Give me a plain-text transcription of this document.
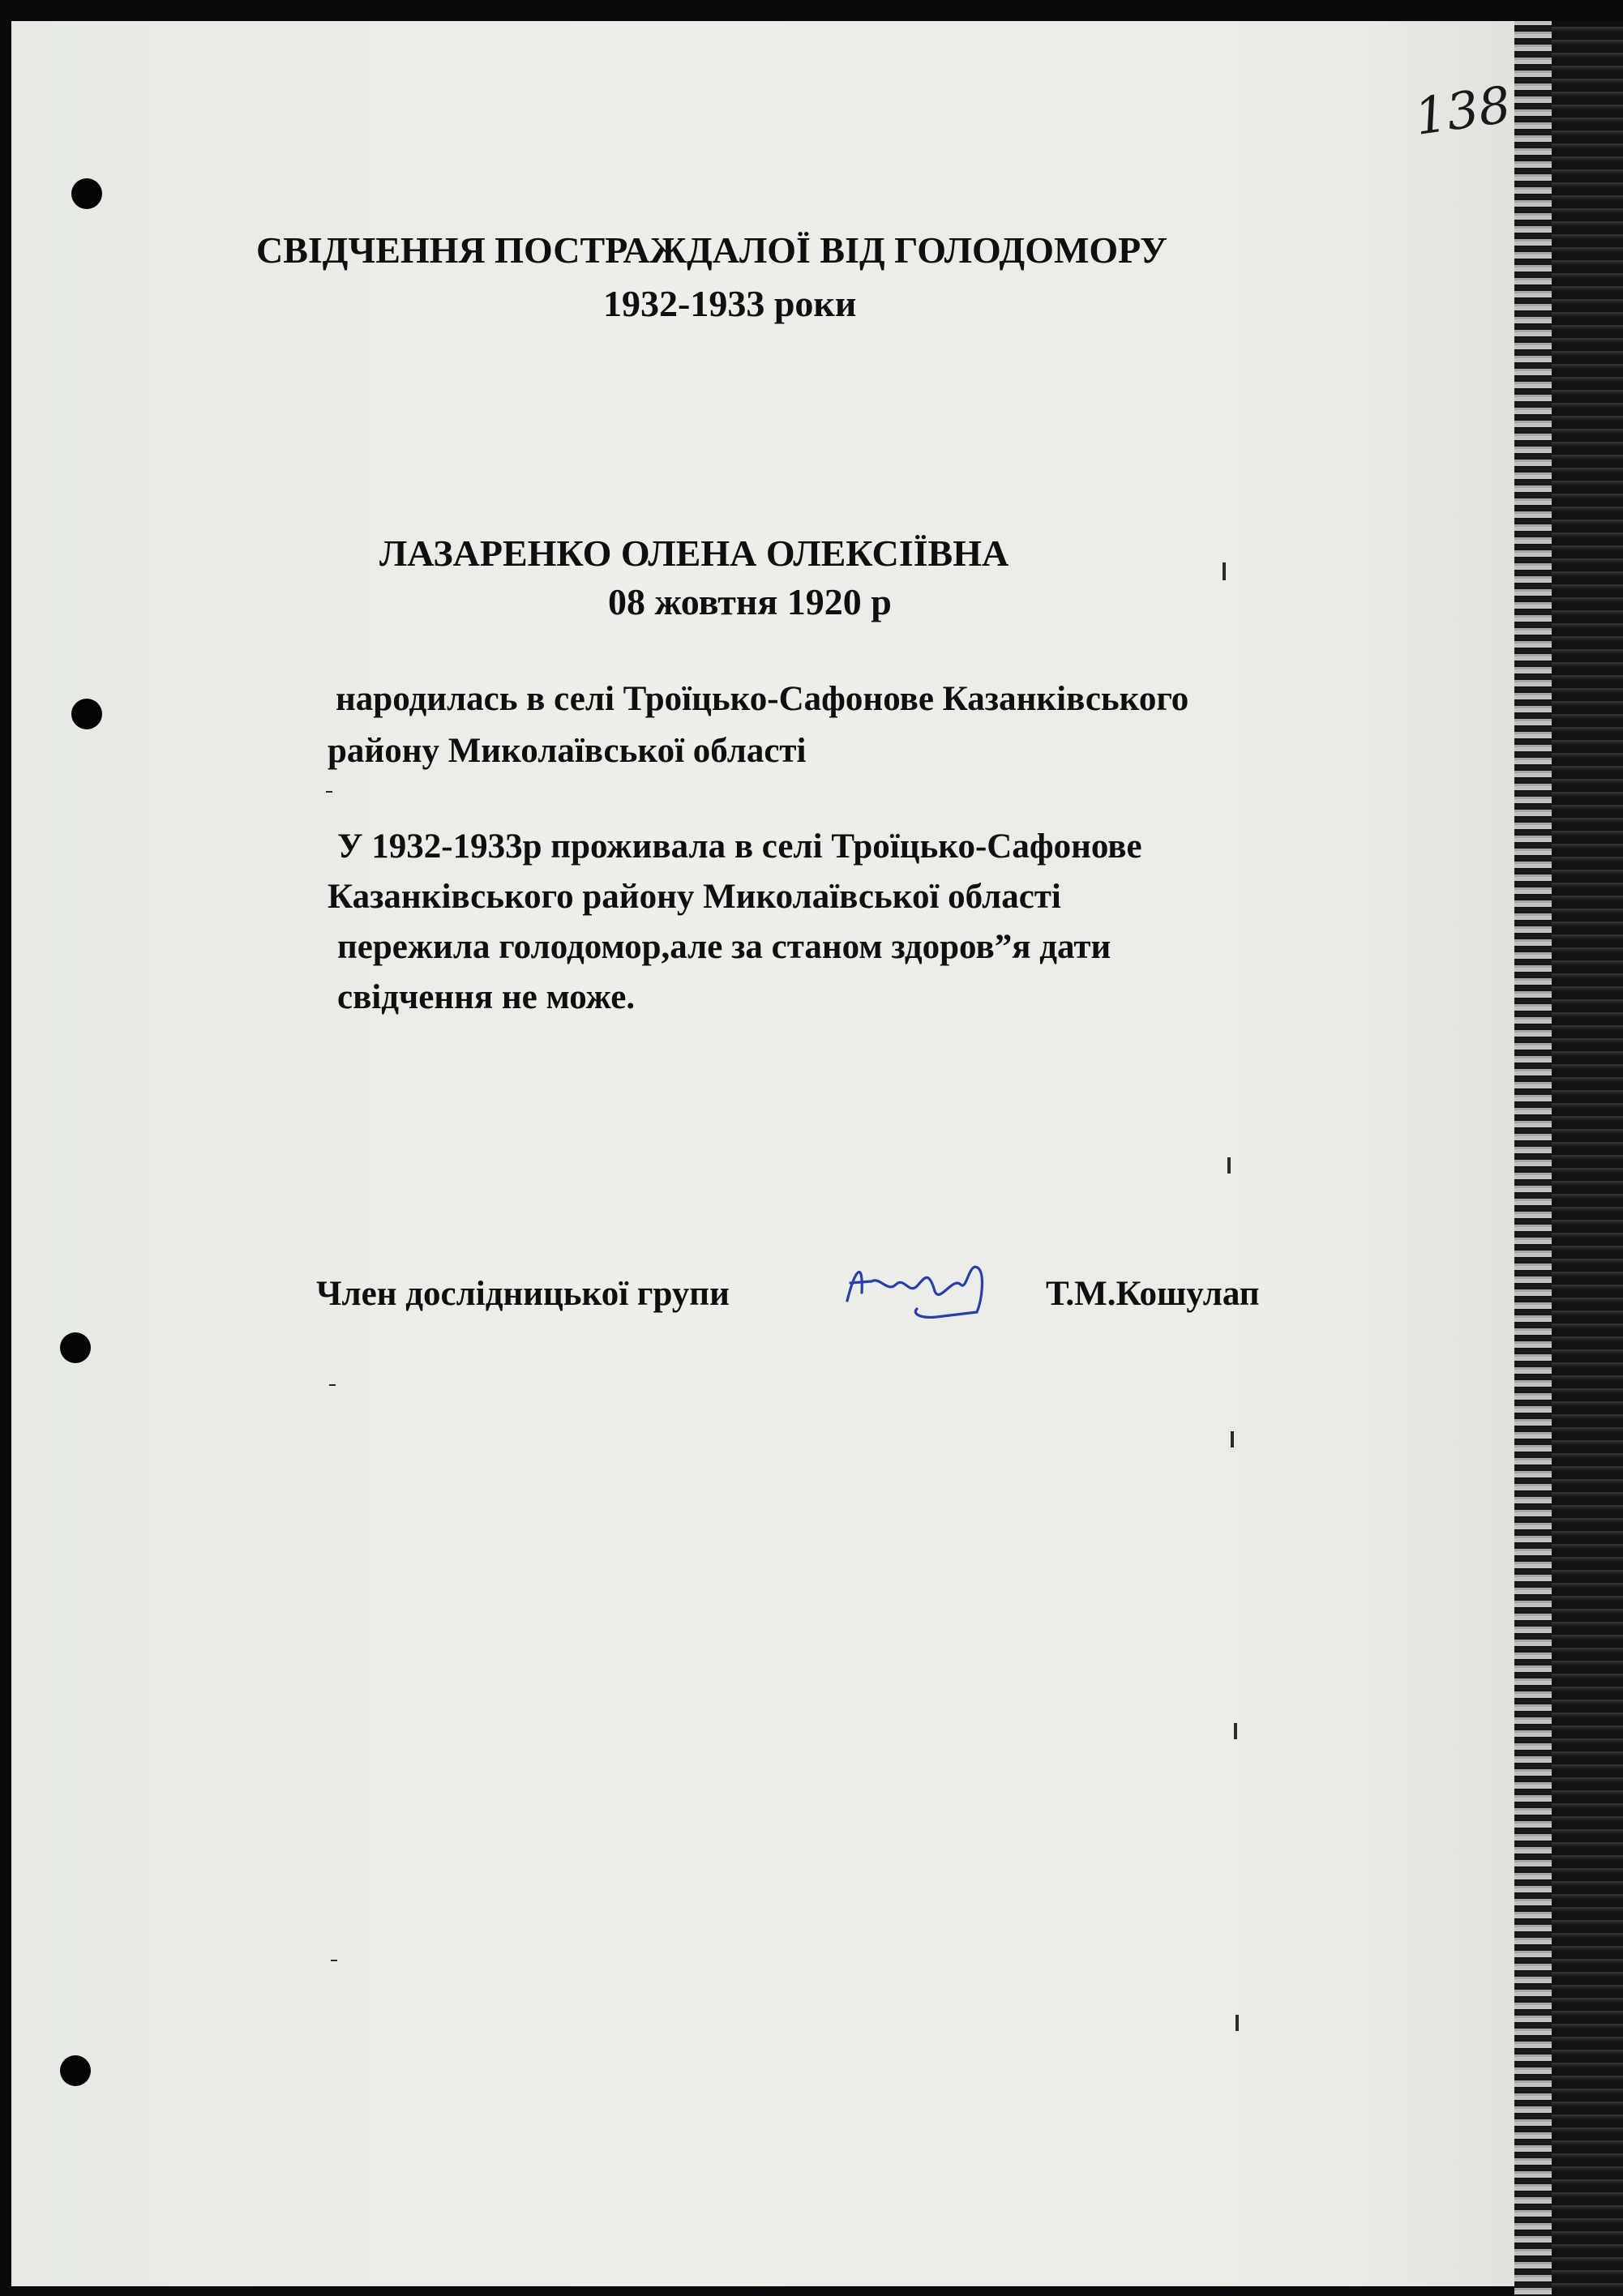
138
СВІДЧЕННЯ ПОСТРАЖДАЛОЇ ВІД ГОЛОДОМОРУ
1932-1933 роки
ЛАЗАРЕНКО ОЛЕНА ОЛЕКСІЇВНА
08 жовтня 1920 р
народилась в селі Троїцько-Сафонове Казанківського
району Миколаївської області
У 1932-1933р проживала в селі Троїцько-Сафонове
Казанківського району Миколаївської області
пережила голодомор,але за станом здоров”я дати
свідчення не може.
Член дослідницької групи	Т.М.Кошулап
